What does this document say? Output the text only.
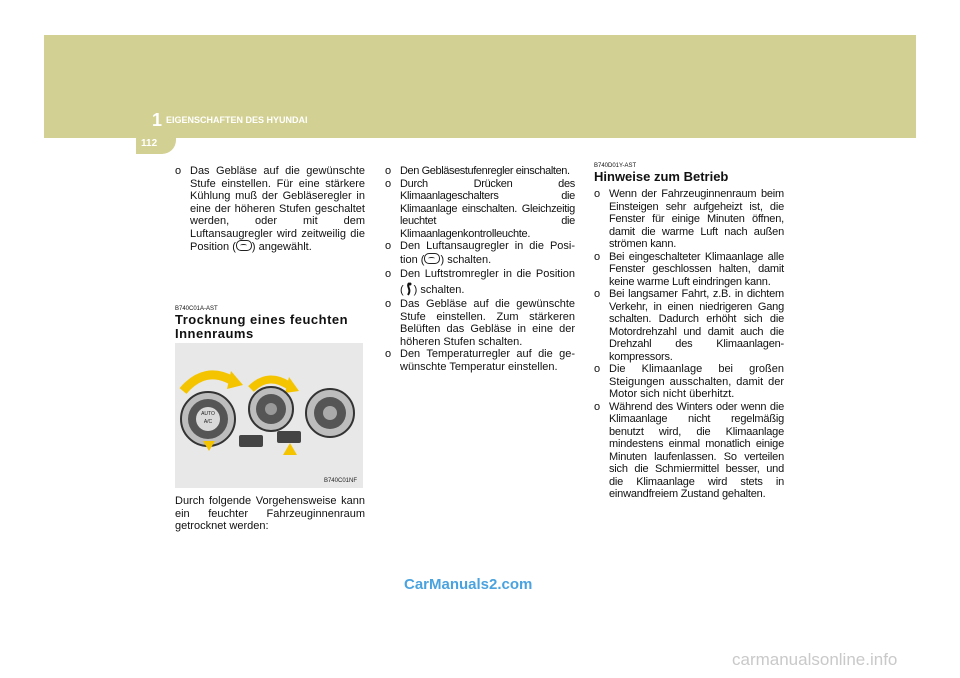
1 EIGENSCHAFTEN DES HYUNDAI
112
o Das Gebläse auf die gewünschte Stufe einstellen. Für eine stärkere Kühlung muß der Gebläseregler in eine der höheren Stufen geschaltet werden, oder mit dem Luftansaugregler wird zeitweilig die Position ( ) angewählt.
B740C01A-AST
Trocknung eines feuchten Innenraums
AUTO
A/C
B740C01NF
Durch folgende Vorgehensweise kann ein feuchter Fahrzeuginnenraum getrocknet werden:
o Den Gebläsestufenregler einschalten.
o Durch Drücken des Klimaanlageschalters die Klimaanlage einschalten. Gleichzeitig leuchtet die Klimaanlagenkontrolleuchte.
o Den Luftansaugregler in die Posi-tion ( ) schalten.
o Den Luftstromregler in die Position ( ) schalten.
o Das Gebläse auf die gewünschte Stufe einstellen. Zum stärkeren Belüften das Gebläse in eine der höheren Stufen schalten.
o Den Temperaturregler auf die ge-wünschte Temperatur einstellen.
B740D01Y-AST
Hinweise zum Betrieb
o Wenn der Fahrzeuginnenraum beim Einsteigen sehr aufgeheizt ist, die Fenster für einige Minuten öffnen, damit die warme Luft nach außen strömen kann.
o Bei eingeschalteter Klimaanlage alle Fenster geschlossen halten, damit keine warme Luft eindringen kann.
o Bei langsamer Fahrt, z.B. in dichtem Verkehr, in einen niedrigeren Gang schalten. Dadurch erhöht sich die Motordrehzahl und damit auch die Drehzahl des Klimaanlagen-kompressors.
o Die Klimaanlage bei großen Steigungen ausschalten, damit der Motor sich nicht überhitzt.
o Während des Winters oder wenn die Klimaanlage nicht regelmäßig benutzt wird, die Klimaanlage mindestens einmal monatlich einige Minuten laufenlassen. So verteilen sich die Schmiermittel besser, und die Klimaanlage wird stets in einwandfreiem Zustand gehalten.
CarManuals2.com
carmanualsonline.info
